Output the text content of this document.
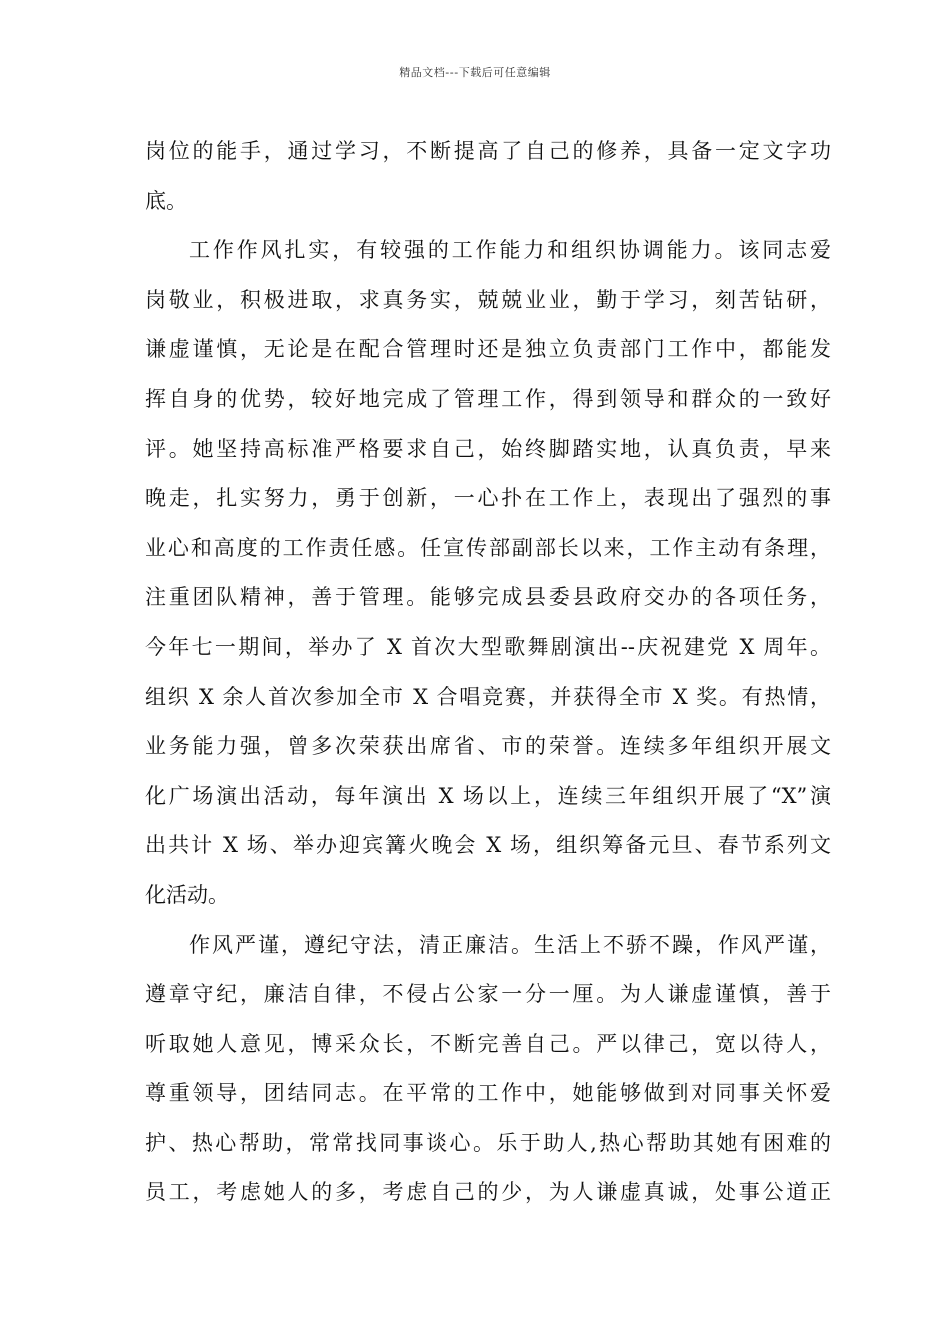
精品文档---下载后可任意编辑
岗位的能手，通过学习，不断提高了自己的修养，具备一定文字功
底。
工作作风扎实，有较强的工作能力和组织协调能力。该同志爱
岗敬业，积极进取，求真务实，兢兢业业，勤于学习，刻苦钻研，
谦虚谨慎，无论是在配合管理时还是独立负责部门工作中，都能发
挥自身的优势，较好地完成了管理工作，得到领导和群众的一致好
评。她坚持高标准严格要求自己，始终脚踏实地，认真负责，早来
晚走，扎实努力，勇于创新，一心扑在工作上，表现出了强烈的事
业心和高度的工作责任感。任宣传部副部长以来，工作主动有条理，
注重团队精神，善于管理。能够完成县委县政府交办的各项任务，
今年七一期间，举办了 X 首次大型歌舞剧演出--庆祝建党 X 周年。
组织 X 余人首次参加全市 X 合唱竞赛，并获得全市 X 奖。有热情，
业务能力强，曾多次荣获出席省、市的荣誉。连续多年组织开展文
化广场演出活动，每年演出 X 场以上，连续三年组织开展了“X”演
出共计 X 场、举办迎宾篝火晚会 X 场，组织筹备元旦、春节系列文
化活动。
作风严谨，遵纪守法，清正廉洁。生活上不骄不躁，作风严谨，
遵章守纪，廉洁自律，不侵占公家一分一厘。为人谦虚谨慎，善于
听取她人意见，博采众长，不断完善自己。严以律己，宽以待人，
尊重领导，团结同志。在平常的工作中，她能够做到对同事关怀爱
护、热心帮助，常常找同事谈心。乐于助人,热心帮助其她有困难的
员工，考虑她人的多，考虑自己的少，为人谦虚真诚，处事公道正
